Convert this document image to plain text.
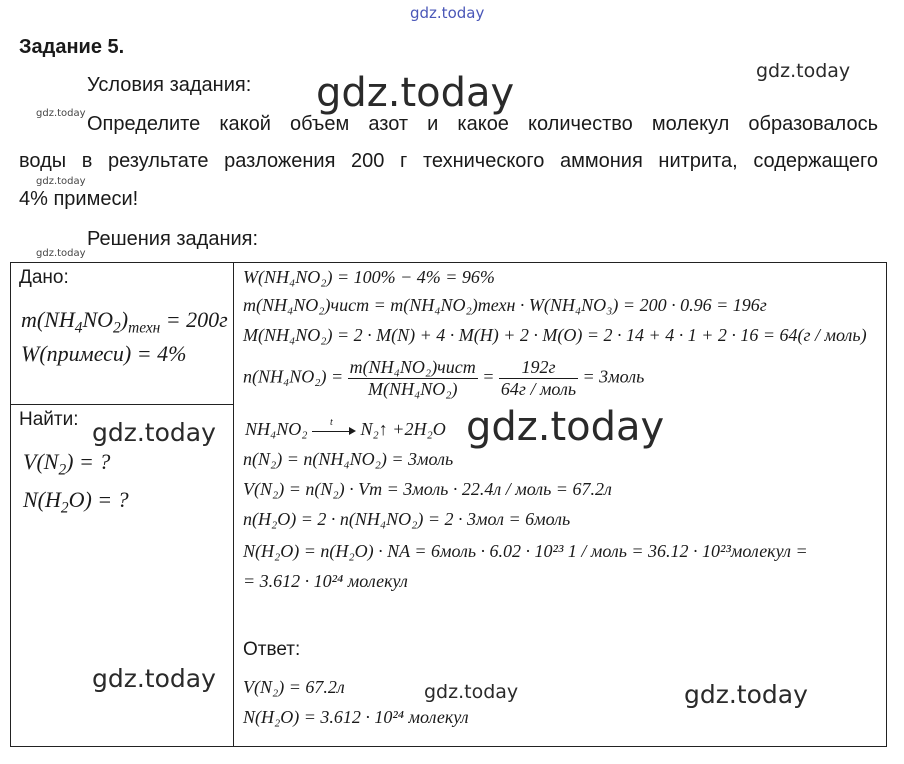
gdz.today
gdz.today	gdz.today
gdz.today
gdz.today
gdz.today
Задание 5.
Условия задания:
Определите какой объем азот и какое количество молекул образовалось
воды в результате разложения 200 г технического аммония нитрита, содержащего
4% примеси!
Решения задания:
Дано:
$m(NH_4NO_2)_{техн} = 200г$
W(примеси) = 4%
Найти:
$V(N_2)$ = ?
$N(H_2O)$ = ?
W(NH₄NO₂) = 100% − 4% = 96%
m(NH₄NO₂)чист = m(NH₄NO₂)техн · W(NH₄NO₃) = 200 · 0.96 = 196г
M(NH₄NO₂) = 2 · M(N) + 4 · M(H) + 2 · M(O) = 2 · 14 + 4 · 1 + 2 · 16 = 64(г / моль)
$n(NH_4NO_2) = \frac{\text{m(NH₄NO₂)чист}}{\text{M(NH₄NO₂)}} = \frac{192г}{\text{64г / моль}}$ = 3моль
NH₄NO₂ t N₂↑ +2H₂O
n(N₂) = n(NH₄NO₂) = 3моль
V(N₂) = n(N₂) · Vm = 3моль · 22.4л / моль = 67.2л
n(H₂O) = 2 · n(NH₄NO₂) = 2 · 3мол = 6моль
N(H₂O) = n(H₂O) · NA = 6моль · 6.02 · 10²³ 1 / моль = 36.12 · 10²³молекул =
= 3.612 · 10²⁴ молекул
Ответ:
V(N₂) = 67.2л
N(H₂O) = 3.612 · 10²⁴ молекул
gdz.today	gdz.today
gdz.today	gdz.today	gdz.today
